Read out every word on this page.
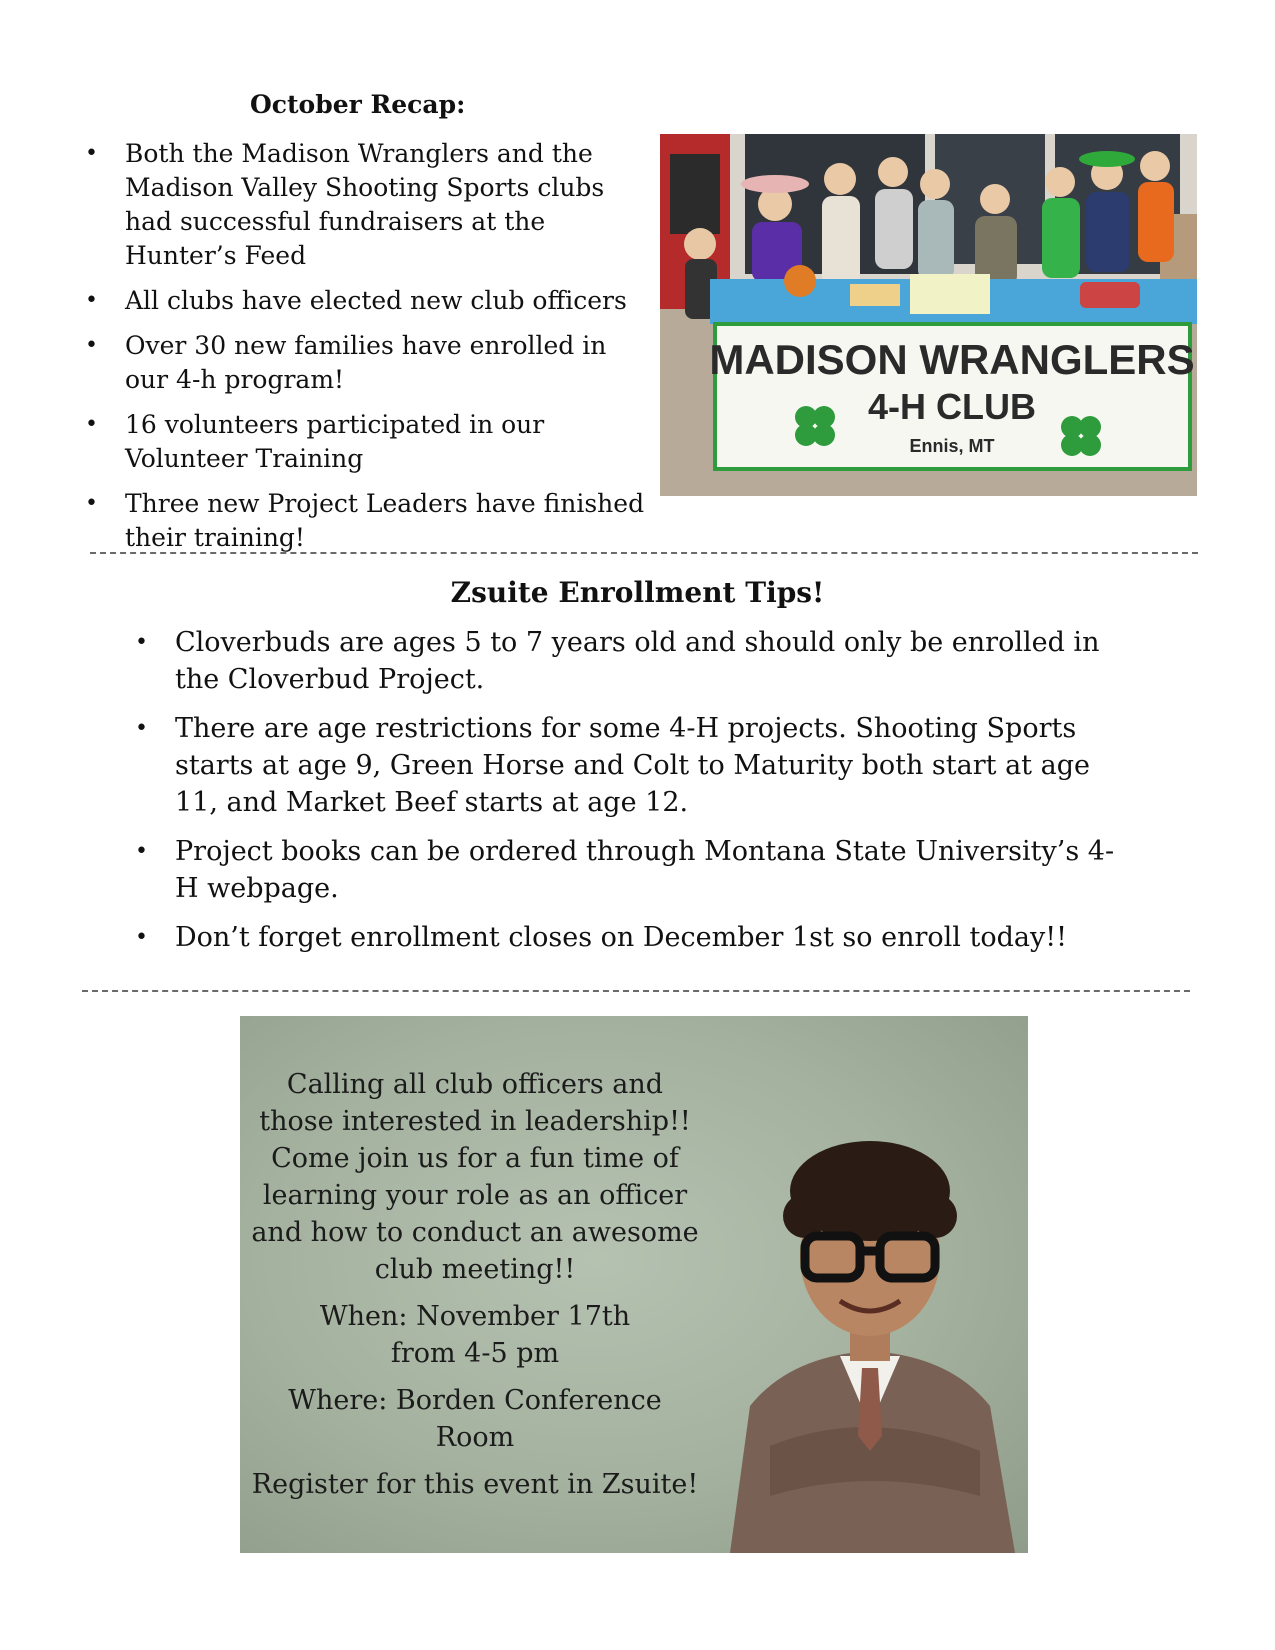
October Recap:
• Both the Madison Wranglers and the Madison Valley Shooting Sports clubs had successful fundraisers at the Hunter’s Feed
• All clubs have elected new club officers
• Over 30 new families have enrolled in our 4-h program!
• 16 volunteers participated in our Volunteer Training
• Three new Project Leaders have finished their training!
MADISON WRANGLERS
4-H CLUB
Ennis, MT
Zsuite Enrollment Tips!
• Cloverbuds are ages 5 to 7 years old and should only be enrolled in the Cloverbud Project.
• There are age restrictions for some 4-H projects. Shooting Sports starts at age 9, Green Horse and Colt to Maturity both start at age 11, and Market Beef starts at age 12.
• Project books can be ordered through Montana State University’s 4-H webpage.
• Don’t forget enrollment closes on December 1st so enroll today!!

Calling all club officers and those interested in leadership!! Come join us for a fun time of learning your role as an officer and how to conduct an awesome club meeting!!

When: November 17th
from 4-5 pm

Where: Borden Conference Room

Register for this event in Zsuite!
